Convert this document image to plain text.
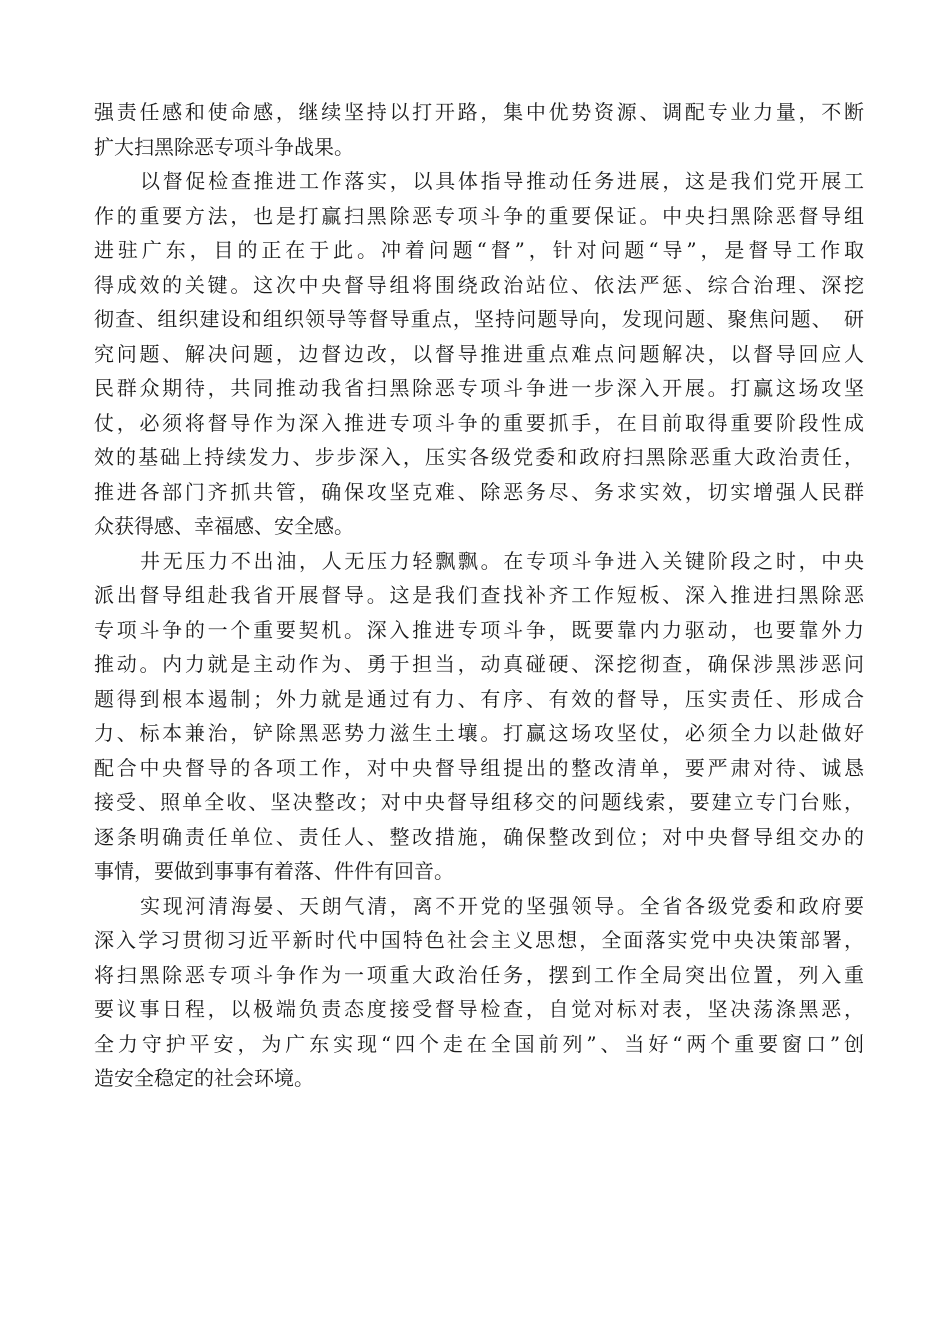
强责任感和使命感，继续坚持以打开路，集中优势资源、调配专业力量，不断
扩大扫黑除恶专项斗争战果。
以督促检查推进工作落实，以具体指导推动任务进展，这是我们党开展工
作的重要方法，也是打赢扫黑除恶专项斗争的重要保证。中央扫黑除恶督导组
进驻广东，目的正在于此。冲着问题“督”，针对问题“导”，是督导工作取
得成效的关键。这次中央督导组将围绕政治站位、依法严惩、综合治理、深挖
彻查、组织建设和组织领导等督导重点，坚持问题导向，发现问题、聚焦问题、　研
究问题、解决问题，边督边改，以督导推进重点难点问题解决，以督导回应人
民群众期待，共同推动我省扫黑除恶专项斗争进一步深入开展。打赢这场攻坚
仗，必须将督导作为深入推进专项斗争的重要抓手，在目前取得重要阶段性成
效的基础上持续发力、步步深入，压实各级党委和政府扫黑除恶重大政治责任，
推进各部门齐抓共管，确保攻坚克难、除恶务尽、务求实效，切实增强人民群
众获得感、幸福感、安全感。
井无压力不出油，人无压力轻飘飘。在专项斗争进入关键阶段之时，中央
派出督导组赴我省开展督导。这是我们查找补齐工作短板、深入推进扫黑除恶
专项斗争的一个重要契机。深入推进专项斗争，既要靠内力驱动，也要靠外力
推动。内力就是主动作为、勇于担当，动真碰硬、深挖彻查，确保涉黑涉恶问
题得到根本遏制；外力就是通过有力、有序、有效的督导，压实责任、形成合
力、标本兼治，铲除黑恶势力滋生土壤。打赢这场攻坚仗，必须全力以赴做好
配合中央督导的各项工作，对中央督导组提出的整改清单，要严肃对待、诚恳
接受、照单全收、坚决整改；对中央督导组移交的问题线索，要建立专门台账，
逐条明确责任单位、责任人、整改措施，确保整改到位；对中央督导组交办的
事情，要做到事事有着落、件件有回音。
实现河清海晏、天朗气清，离不开党的坚强领导。全省各级党委和政府要
深入学习贯彻习近平新时代中国特色社会主义思想，全面落实党中央决策部署，
将扫黑除恶专项斗争作为一项重大政治任务，摆到工作全局突出位置，列入重
要议事日程，以极端负责态度接受督导检查，自觉对标对表，坚决荡涤黑恶，
全力守护平安，为广东实现“四个走在全国前列”、当好“两个重要窗口”创
造安全稳定的社会环境。
